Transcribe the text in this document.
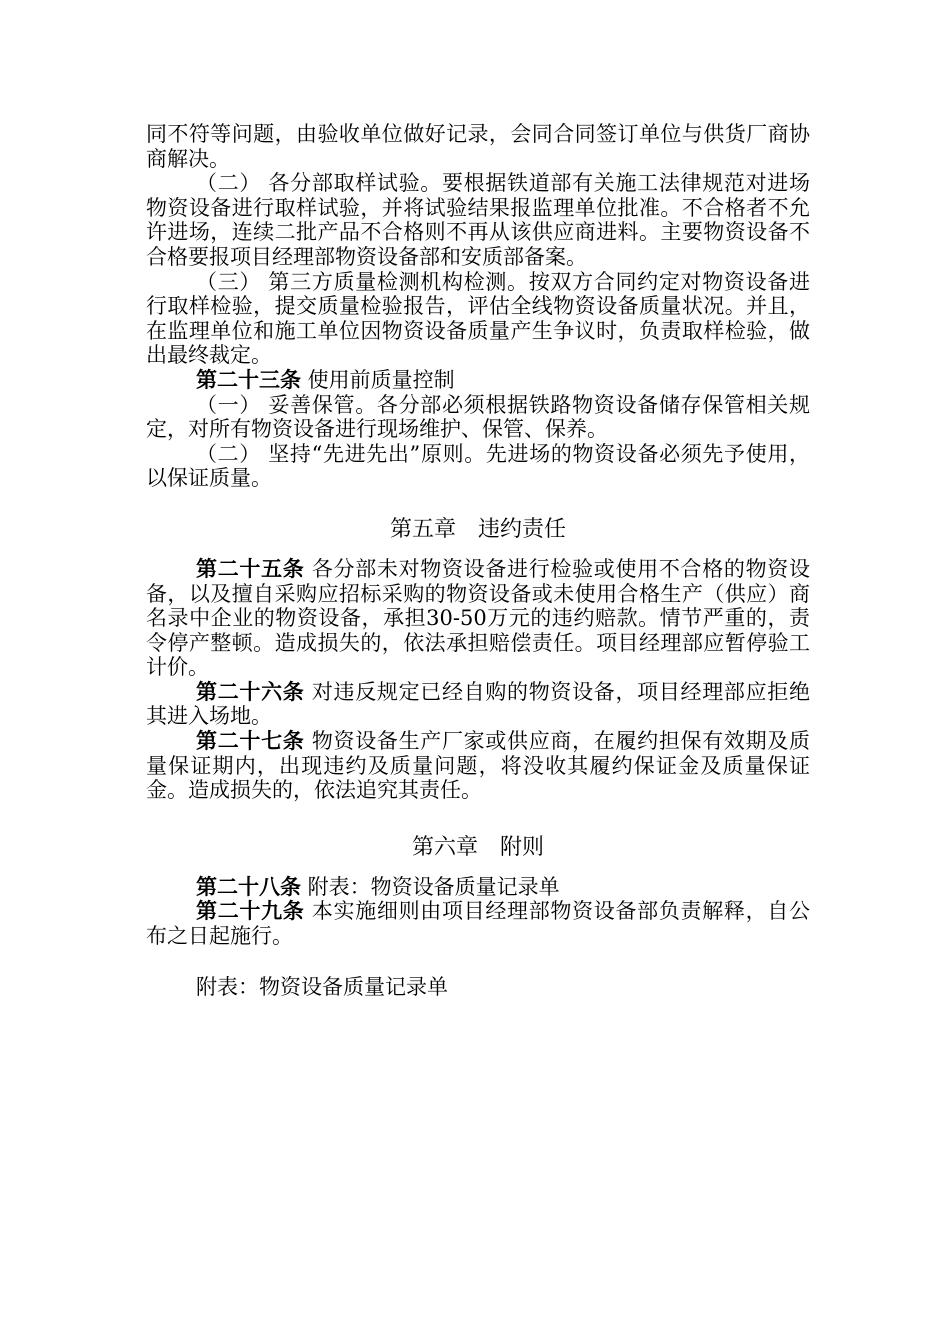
同不符等问题，由验收单位做好记录，会同合同签订单位与供货厂商协商解决。

（二） 各分部取样试验。要根据铁道部有关施工法律规范对进场物资设备进行取样试验，并将试验结果报监理单位批准。不合格者不允许进场，连续二批产品不合格则不再从该供应商进料。主要物资设备不合格要报项目经理部物资设备部和安质部备案。

（三） 第三方质量检测机构检测。按双方合同约定对物资设备进行取样检验，提交质量检验报告，评估全线物资设备质量状况。并且，在监理单位和施工单位因物资设备质量产生争议时，负责取样检验，做出最终裁定。

第二十三条 使用前质量控制

（一） 妥善保管。各分部必须根据铁路物资设备储存保管相关规定，对所有物资设备进行现场维护、保管、保养。

（二） 坚持“先进先出”原则。先进场的物资设备必须先予使用，以保证质量。

第五章　违约责任

第二十五条 各分部未对物资设备进行检验或使用不合格的物资设备，以及擅自采购应招标采购的物资设备或未使用合格生产（供应）商名录中企业的物资设备，承担30-50万元的违约赔款。情节严重的，责令停产整顿。造成损失的，依法承担赔偿责任。项目经理部应暂停验工计价。

第二十六条 对违反规定已经自购的物资设备，项目经理部应拒绝其进入场地。

第二十七条 物资设备生产厂家或供应商，在履约担保有效期及质量保证期内，出现违约及质量问题，将没收其履约保证金及质量保证金。造成损失的，依法追究其责任。

第六章　附则

第二十八条 附表：物资设备质量记录单

第二十九条 本实施细则由项目经理部物资设备部负责解释，自公布之日起施行。

附表：物资设备质量记录单
